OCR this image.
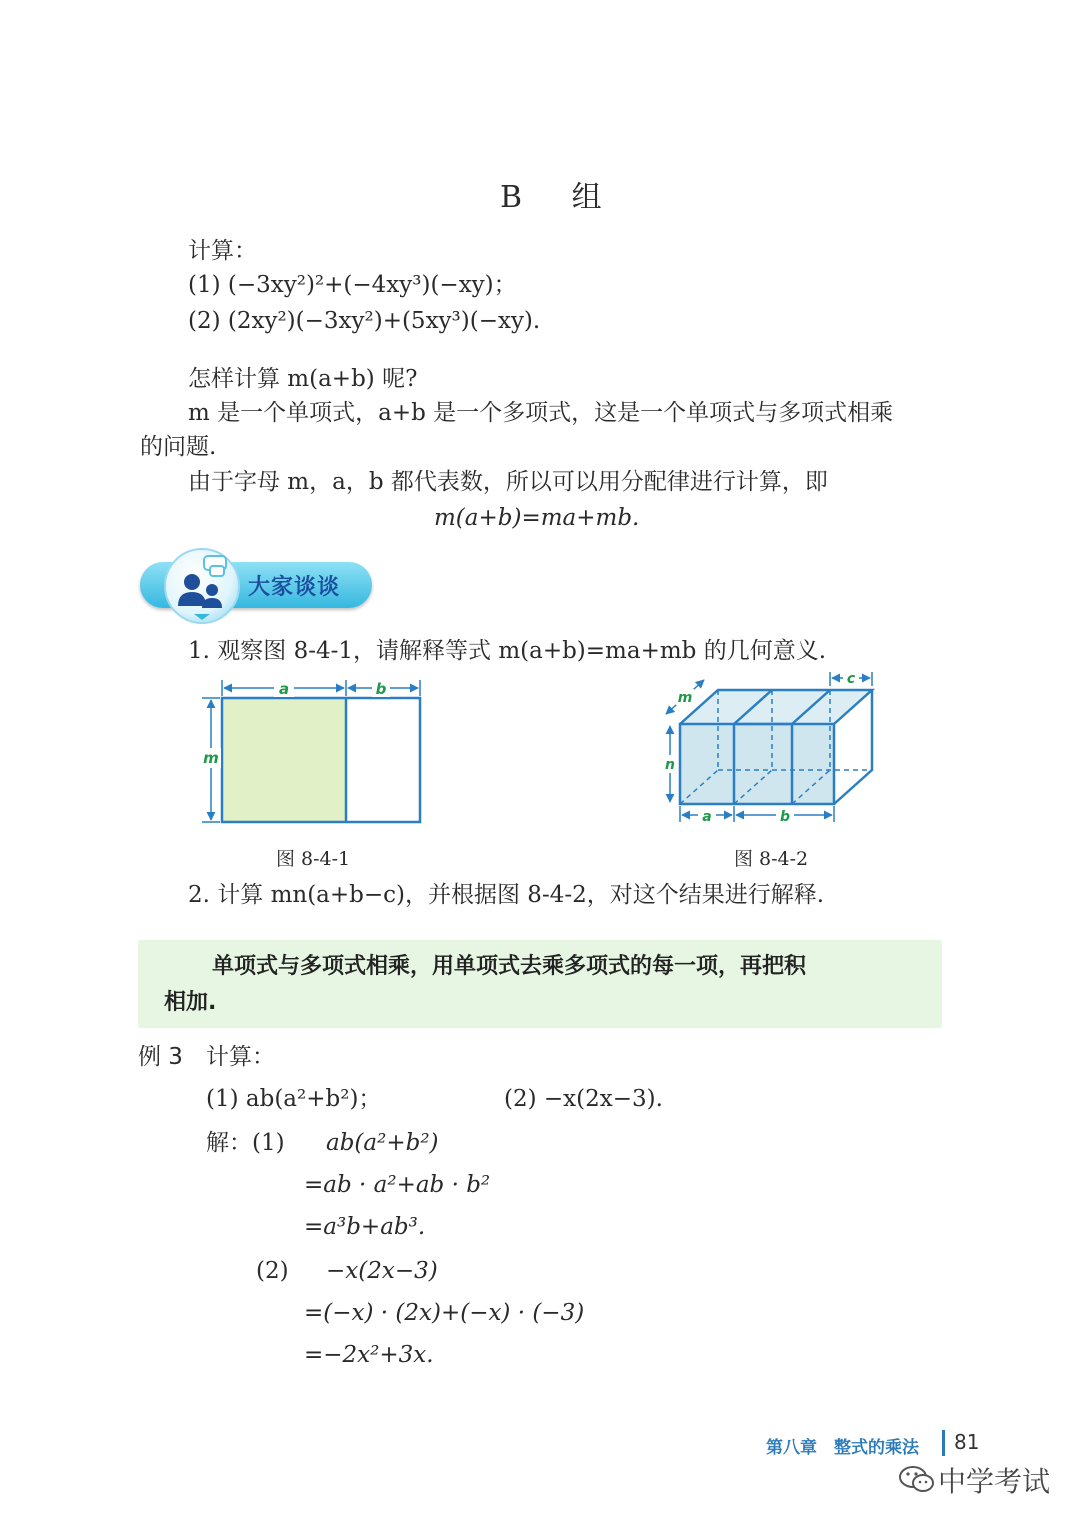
B 组
计算：
(1) (−3xy²)²+(−4xy³)(−xy)；
(2) (2xy²)(−3xy²)+(5xy³)(−xy).
怎样计算 m(a+b) 呢?
m 是一个单项式，a+b 是一个多项式，这是一个单项式与多项式相乘
的问题.
由于字母 m，a，b 都代表数，所以可以用分配律进行计算，即
m(a+b)=ma+mb.
大家谈谈
1. 观察图 8-4-1，请解释等式 m(a+b)=ma+mb 的几何意义.
a	b
m
图 8-4-1
m
n
a	b
c
图 8-4-2
2. 计算 mn(a+b−c)，并根据图 8-4-2，对这个结果进行解释.
单项式与多项式相乘，用单项式去乘多项式的每一项，再把积
相加.
例 3 计算：
(1) ab(a²+b²)；	(2) −x(2x−3).
解：(1) ab(a²+b²)
=ab · a²+ab · b²
=a³b+ab³.
(2) −x(2x−3)
=(−x) · (2x)+(−x) · (−3)
=−2x²+3x.
第八章　整式的乘法 81
中学考试
